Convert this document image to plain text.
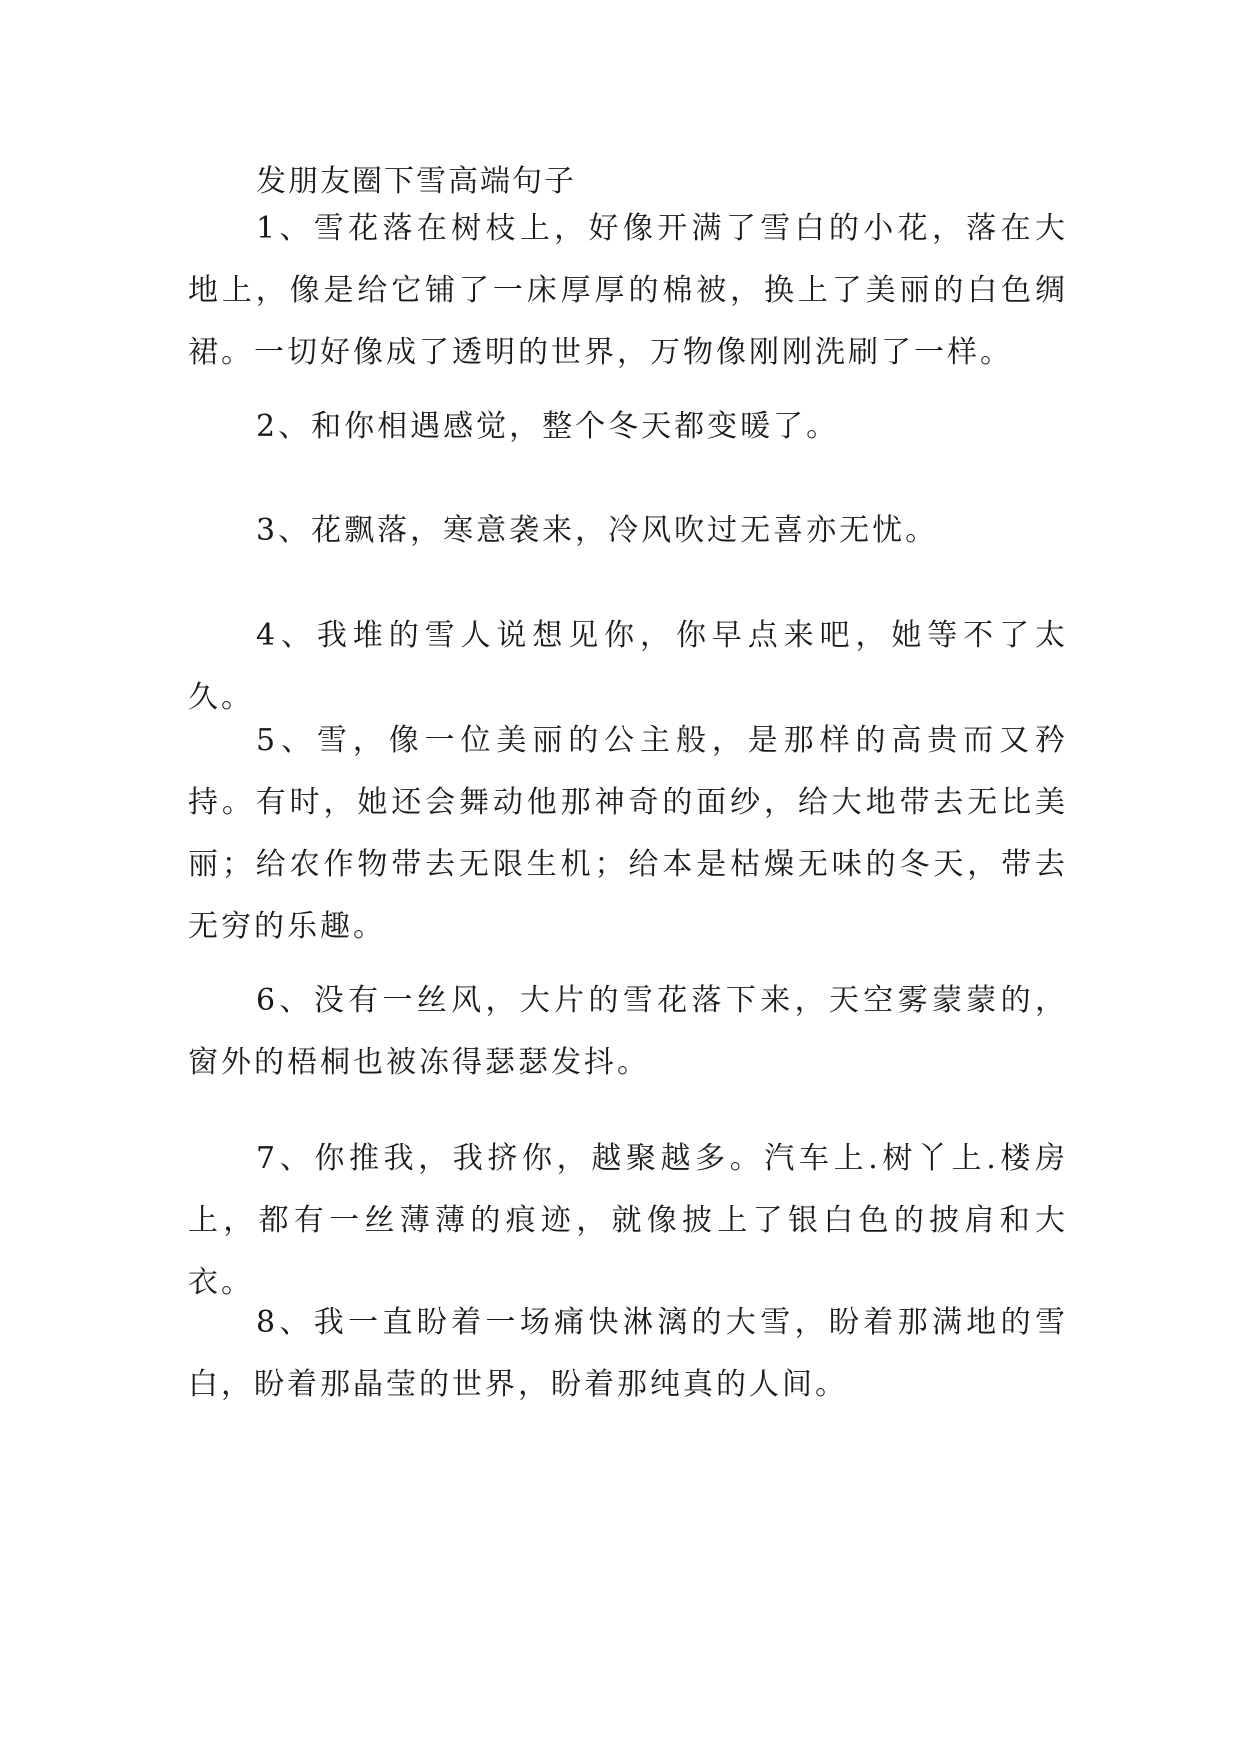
发朋友圈下雪高端句子

1、雪花落在树枝上，好像开满了雪白的小花，落在大地上，像是给它铺了一床厚厚的棉被，换上了美丽的白色绸裙。一切好像成了透明的世界，万物像刚刚洗刷了一样。

2、和你相遇感觉，整个冬天都变暖了。

3、花飘落，寒意袭来，冷风吹过无喜亦无忧。

4、我堆的雪人说想见你，你早点来吧，她等不了太久。

5、雪，像一位美丽的公主般，是那样的高贵而又矜持。有时，她还会舞动他那神奇的面纱，给大地带去无比美丽；给农作物带去无限生机；给本是枯燥无味的冬天，带去无穷的乐趣。

6、没有一丝风，大片的雪花落下来，天空雾蒙蒙的，窗外的梧桐也被冻得瑟瑟发抖。

7、你推我，我挤你，越聚越多。汽车上.树丫上.楼房上，都有一丝薄薄的痕迹，就像披上了银白色的披肩和大衣。

8、我一直盼着一场痛快淋漓的大雪，盼着那满地的雪白，盼着那晶莹的世界，盼着那纯真的人间。
